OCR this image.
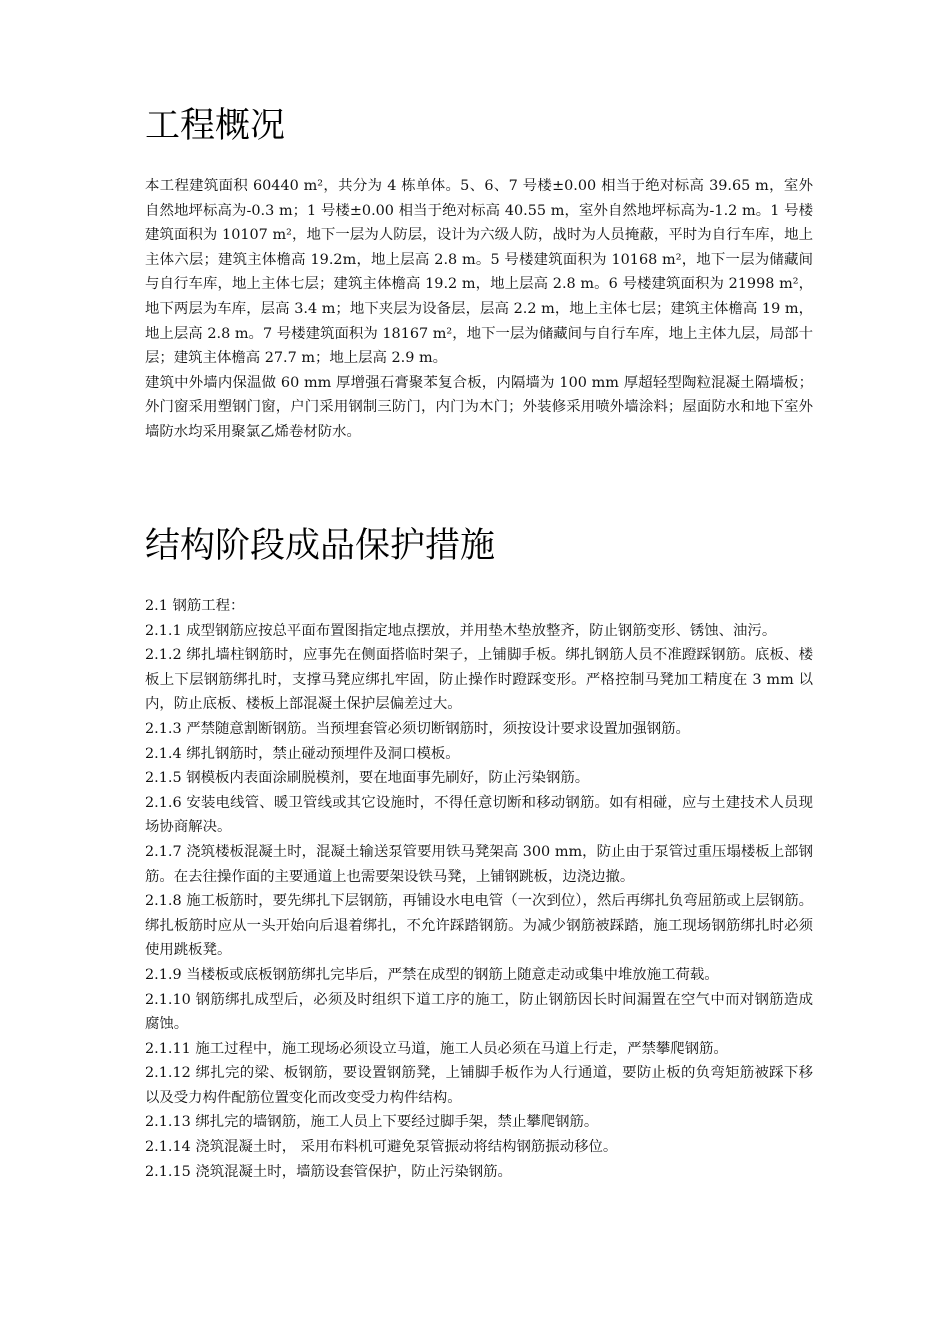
工程概况

本工程建筑面积 60440 m²，共分为 4 栋单体。5、6、7 号楼±0.00 相当于绝对标高 39.65 m，室外自然地坪标高为-0.3 m；1 号楼±0.00 相当于绝对标高 40.55 m，室外自然地坪标高为-1.2 m。1 号楼建筑面积为 10107 m²，地下一层为人防层，设计为六级人防，战时为人员掩蔽，平时为自行车库，地上主体六层；建筑主体檐高 19.2m，地上层高 2.8 m。5 号楼建筑面积为 10168 m²，地下一层为储藏间与自行车库，地上主体七层；建筑主体檐高 19.2 m，地上层高 2.8 m。6 号楼建筑面积为 21998 m²，地下两层为车库，层高 3.4 m；地下夹层为设备层，层高 2.2 m，地上主体七层；建筑主体檐高 19 m，地上层高 2.8 m。7 号楼建筑面积为 18167 m²，地下一层为储藏间与自行车库，地上主体九层，局部十层；建筑主体檐高 27.7 m；地上层高 2.9 m。

建筑中外墙内保温做 60 mm 厚增强石膏聚苯复合板，内隔墙为 100 mm 厚超轻型陶粒混凝土隔墙板；外门窗采用塑钢门窗，户门采用钢制三防门，内门为木门；外装修采用喷外墙涂料；屋面防水和地下室外墙防水均采用聚氯乙烯卷材防水。

结构阶段成品保护措施

2.1 钢筋工程：

2.1.1 成型钢筋应按总平面布置图指定地点摆放，并用垫木垫放整齐，防止钢筋变形、锈蚀、油污。

2.1.2 绑扎墙柱钢筋时，应事先在侧面搭临时架子，上铺脚手板。绑扎钢筋人员不准蹬踩钢筋。底板、楼板上下层钢筋绑扎时，支撑马凳应绑扎牢固，防止操作时蹬踩变形。严格控制马凳加工精度在 3 mm 以内，防止底板、楼板上部混凝土保护层偏差过大。

2.1.3 严禁随意割断钢筋。当预埋套管必须切断钢筋时，须按设计要求设置加强钢筋。

2.1.4 绑扎钢筋时，禁止碰动预埋件及洞口模板。

2.1.5 钢模板内表面涂刷脱模剂，要在地面事先刷好，防止污染钢筋。

2.1.6 安装电线管、暖卫管线或其它设施时，不得任意切断和移动钢筋。如有相碰，应与土建技术人员现场协商解决。

2.1.7 浇筑楼板混凝土时，混凝土输送泵管要用铁马凳架高 300 mm，防止由于泵管过重压塌楼板上部钢筋。在去往操作面的主要通道上也需要架设铁马凳，上铺钢跳板，边浇边撤。

2.1.8 施工板筋时，要先绑扎下层钢筋，再铺设水电电管（一次到位），然后再绑扎负弯屈筋或上层钢筋。绑扎板筋时应从一头开始向后退着绑扎，不允许踩踏钢筋。为减少钢筋被踩踏，施工现场钢筋绑扎时必须使用跳板凳。

2.1.9 当楼板或底板钢筋绑扎完毕后，严禁在成型的钢筋上随意走动或集中堆放施工荷载。

2.1.10 钢筋绑扎成型后，必须及时组织下道工序的施工，防止钢筋因长时间漏置在空气中而对钢筋造成腐蚀。

2.1.11 施工过程中，施工现场必须设立马道，施工人员必须在马道上行走，严禁攀爬钢筋。

2.1.12 绑扎完的梁、板钢筋，要设置钢筋凳，上铺脚手板作为人行通道，要防止板的负弯矩筋被踩下移以及受力构件配筋位置变化而改变受力构件结构。

2.1.13 绑扎完的墙钢筋，施工人员上下要经过脚手架，禁止攀爬钢筋。

2.1.14 浇筑混凝土时， 采用布料机可避免泵管振动将结构钢筋振动移位。

2.1.15 浇筑混凝土时，墙筋设套管保护，防止污染钢筋。
